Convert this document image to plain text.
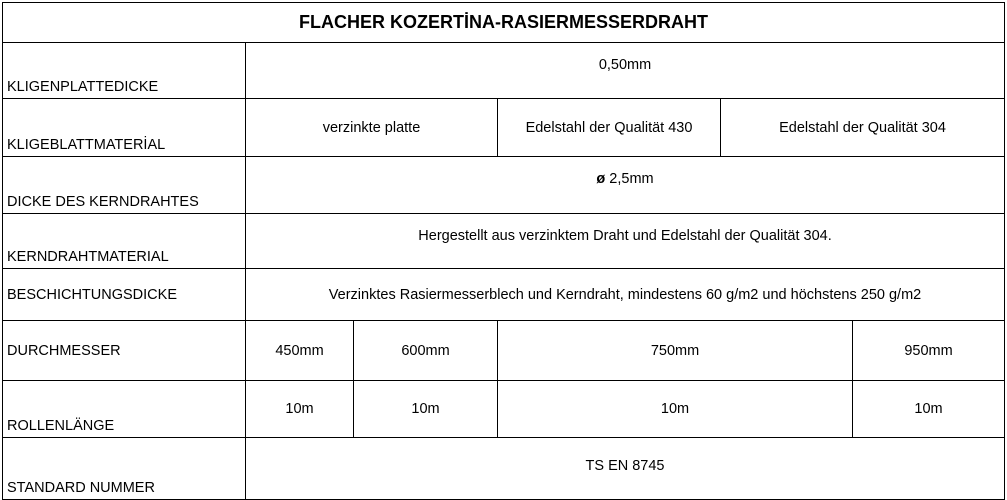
FLACHER KOZERTİNA-RASIERMESSERDRAHT						
KLIGENPLATTEDICKE	0,50mm					
KLIGEBLATTMATERİAL	verzinkte platte		Edelstahl der Qualität 430	Edelstahl der Qualität 304		
DICKE DES KERNDRAHTES	ø 2,5mm					
KERNDRAHTMATERIAL	Hergestellt aus verzinktem Draht und Edelstahl der Qualität 304.					
BESCHICHTUNGSDICKE	Verzinktes Rasiermesserblech und Kerndraht, mindestens 60 g/m2 und höchstens 250 g/m2					
DURCHMESSER	450mm	600mm	750mm		950mm	
ROLLENLÄNGE	10m	10m	10m		10m	
STANDARD NUMMER	TS EN 8745					
